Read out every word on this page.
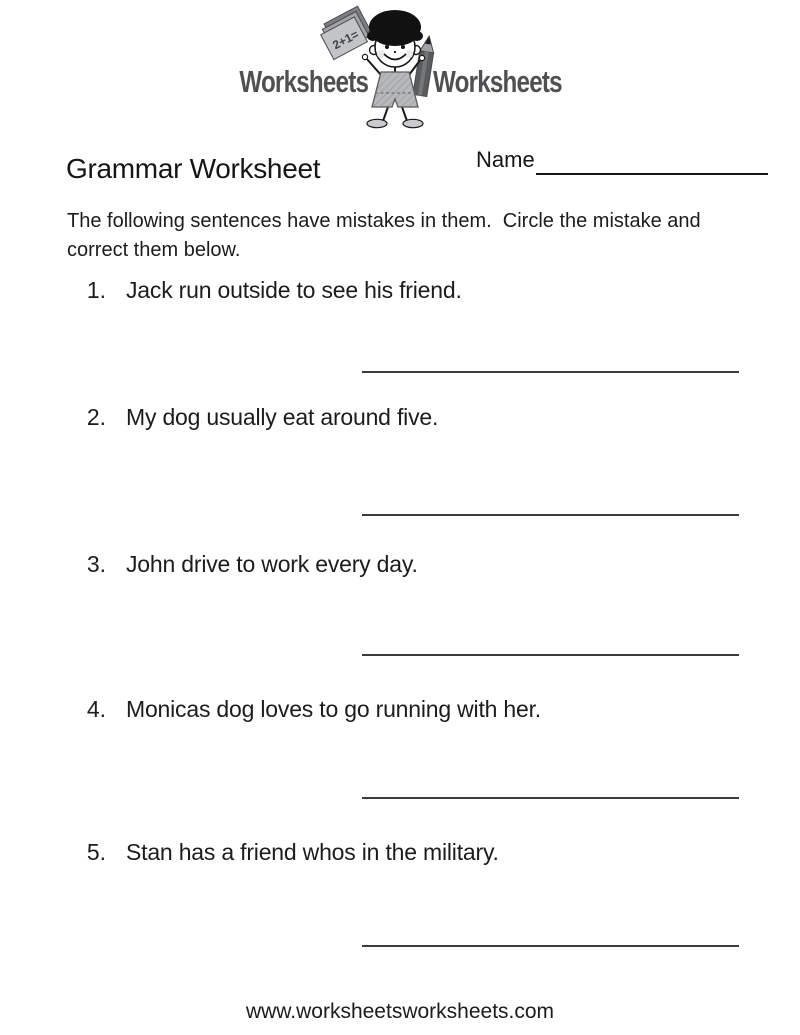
Worksheets
2+1=
Worksheets
Grammar Worksheet	Name
The following sentences have mistakes in them.  Circle the mistake and
correct them below.
1. Jack run outside to see his friend.
2. My dog usually eat around five.
3. John drive to work every day.
4. Monicas dog loves to go running with her.
5. Stan has a friend whos in the military.
www.worksheetsworksheets.com
